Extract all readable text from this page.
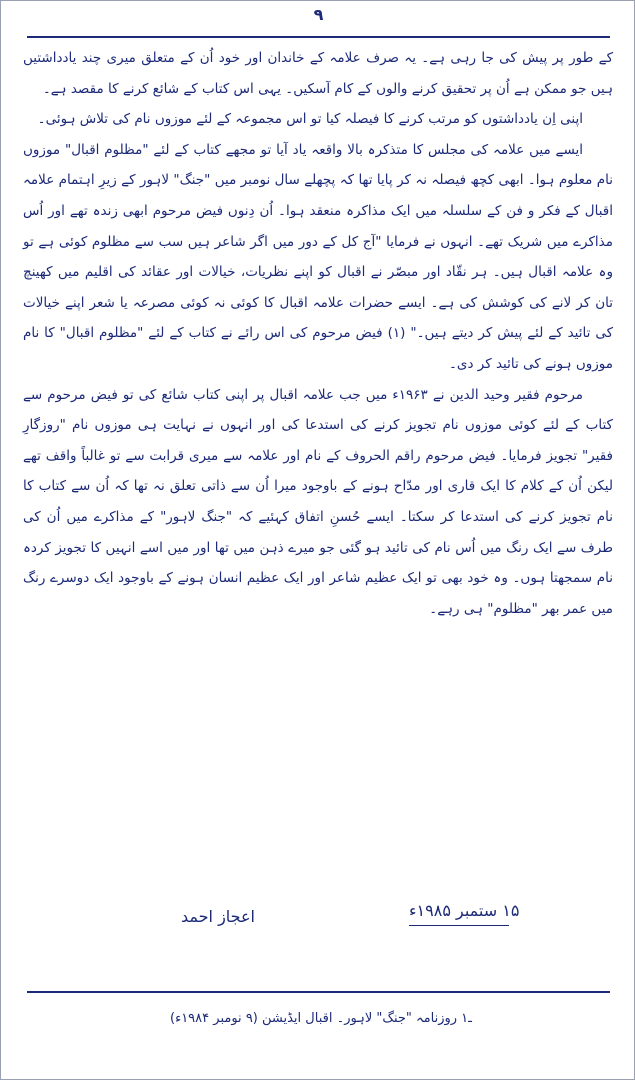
۹

کے طور پر پیش کی جا رہی ہے۔ یہ صرف علامہ کے خاندان اور خود اُن کے متعلق میری چند یادداشتیں ہیں جو ممکن ہے اُن پر تحقیق کرنے والوں کے کام آسکیں۔ یہی اس کتاب کے شائع کرنے کا مقصد ہے۔

اپنی اِن یادداشتوں کو مرتب کرنے کا فیصلہ کیا تو اس مجموعہ کے لئے موزوں نام کی تلاش ہوئی۔

ایسے میں علامہ کی مجلس کا متذکرہ بالا واقعہ یاد آیا تو مجھے کتاب کے لئے "مظلوم اقبال" موزوں نام معلوم ہوا۔ ابھی کچھ فیصلہ نہ کر پایا تھا کہ پچھلے سال نومبر میں "جنگ" لاہور کے زیرِ اہتمام علامہ اقبال کے فکر و فن کے سلسلہ میں ایک مذاکرہ منعقد ہوا۔ اُن دِنوں فیض مرحوم ابھی زندہ تھے اور اُس مذاکرے میں شریک تھے۔ انہوں نے فرمایا "آج کل کے دور میں اگر شاعر ہیں سب سے مظلوم کوئی ہے تو وہ علامہ اقبال ہیں۔ ہر نقّاد اور مبصّر نے اقبال کو اپنے نظریات، خیالات اور عقائد کی اقلیم میں کھینچ تان کر لانے کی کوشش کی ہے۔ ایسے حضرات علامہ اقبال کا کوئی نہ کوئی مصرعہ یا شعر اپنے خیالات کی تائید کے لئے پیش کر دیتے ہیں۔" (۱) فیض مرحوم کی اس رائے نے کتاب کے لئے "مظلوم اقبال" کا نام موزوں ہونے کی تائید کر دی۔

مرحوم فقیر وحید الدین نے ۱۹۶۳ء میں جب علامہ اقبال پر اپنی کتاب شائع کی تو فیض مرحوم سے کتاب کے لئے کوئی موزوں نام تجویز کرنے کی استدعا کی اور انہوں نے نہایت ہی موزوں نام "روزگارِ فقیر" تجویز فرمایا۔ فیض مرحوم راقم الحروف کے نام اور علامہ سے میری قرابت سے تو غالباً واقف تھے لیکن اُن کے کلام کا ایک قاری اور مدّاح ہونے کے باوجود میرا اُن سے ذاتی تعلق نہ تھا کہ اُن سے کتاب کا نام تجویز کرنے کی استدعا کر سکتا۔ ایسے حُسنِ اتفاق کہئیے کہ "جنگ لاہور" کے مذاکرے میں اُن کی طرف سے ایک رنگ میں اُس نام کی تائید ہو گئی جو میرے ذہن میں تھا اور میں اسے انہیں کا تجویز کردہ نام سمجھتا ہوں۔ وہ خود بھی تو ایک عظیم شاعر اور ایک عظیم انسان ہونے کے باوجود ایک دوسرے رنگ میں عمر بھر "مظلوم" ہی رہے۔

۱۵ ستمبر ۱۹۸۵ء
اعجاز احمد
ـ۱ روزنامہ "جنگ" لاہور۔ اقبال ایڈیشن (۹ نومبر ۱۹۸۴ء)
